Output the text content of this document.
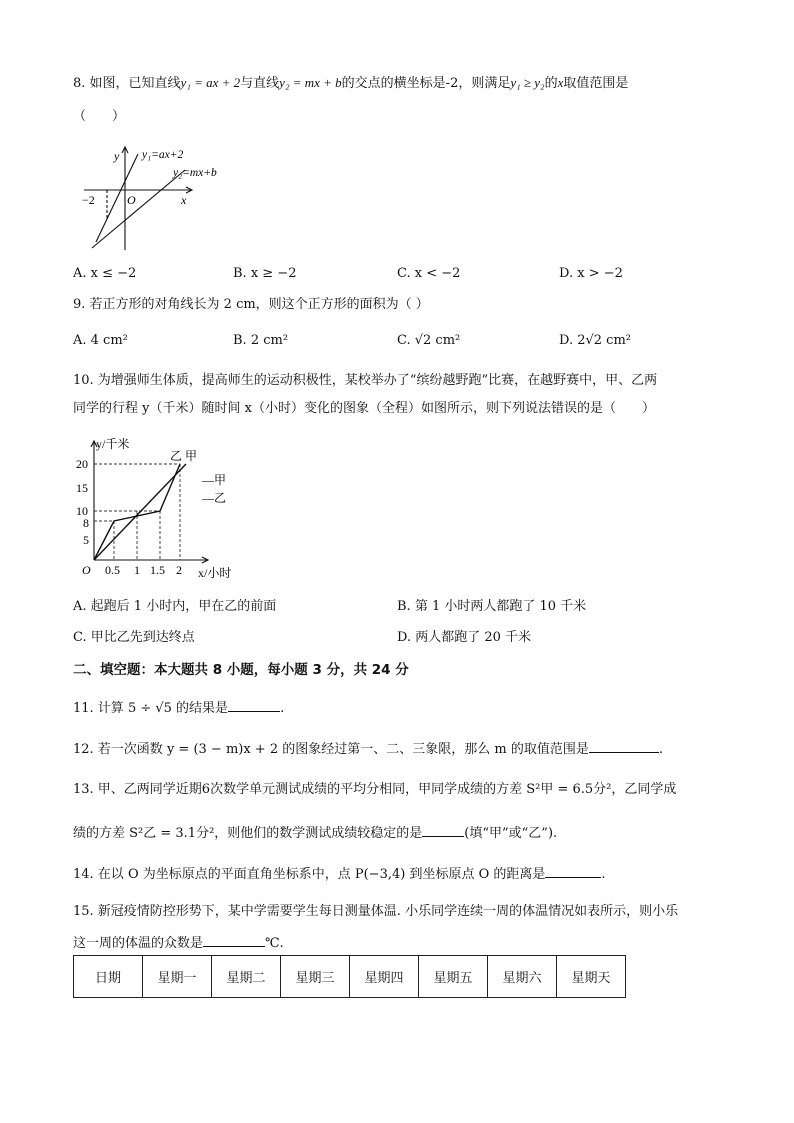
8. 如图，已知直线y₁ = ax + 2与直线y₂ = mx + b的交点的横坐标是-2，则满足y₁ ≥ y₂的x取值范围是
（　　）
y
x
O
−2
y₁=ax+2
y₂=mx+b
A. x ≤ −2	B. x ≥ −2	C. x < −2	D. x > −2
9. 若正方形的对角线长为 2 cm，则这个正方形的面积为（ ）
A. 4 cm²	B. 2 cm²	C. √2 cm²	D. 2√2 cm²
10. 为增强师生体质，提高师生的运动积极性，某校举办了“缤纷越野跑”比赛，在越野赛中，甲、乙两
同学的行程 y（千米）随时间 x（小时）变化的图象（全程）如图所示，则下列说法错误的是（　　）
y/千米
x/小时
O
20
15
10
8
5
0.5 1 1.5 2
乙 甲
—甲
—乙
A. 起跑后 1 小时内，甲在乙的前面	B. 第 1 小时两人都跑了 10 千米
C. 甲比乙先到达终点	D. 两人都跑了 20 千米
二、填空题：本大题共 8 小题，每小题 3 分，共 24 分
11. 计算 5 ÷ √5 的结果是	.
12. 若一次函数 y = (3 − m)x + 2 的图象经过第一、二、三象限，那么 m 的取值范围是	.
13. 甲、乙两同学近期6次数学单元测试成绩的平均分相同，甲同学成绩的方差 S²甲 = 6.5分²，乙同学成
绩的方差 S²乙 = 3.1分²，则他们的数学测试成绩较稳定的是	(填“甲”或“乙”).
14. 在以 O 为坐标原点的平面直角坐标系中，点 P(−3,4) 到坐标原点 O 的距离是	.
15. 新冠疫情防控形势下，某中学需要学生每日测量体温. 小乐同学连续一周的体温情况如表所示，则小乐
这一周的体温的众数是	℃.
日期	星期一	星期二	星期三	星期四	星期五	星期六	星期天
